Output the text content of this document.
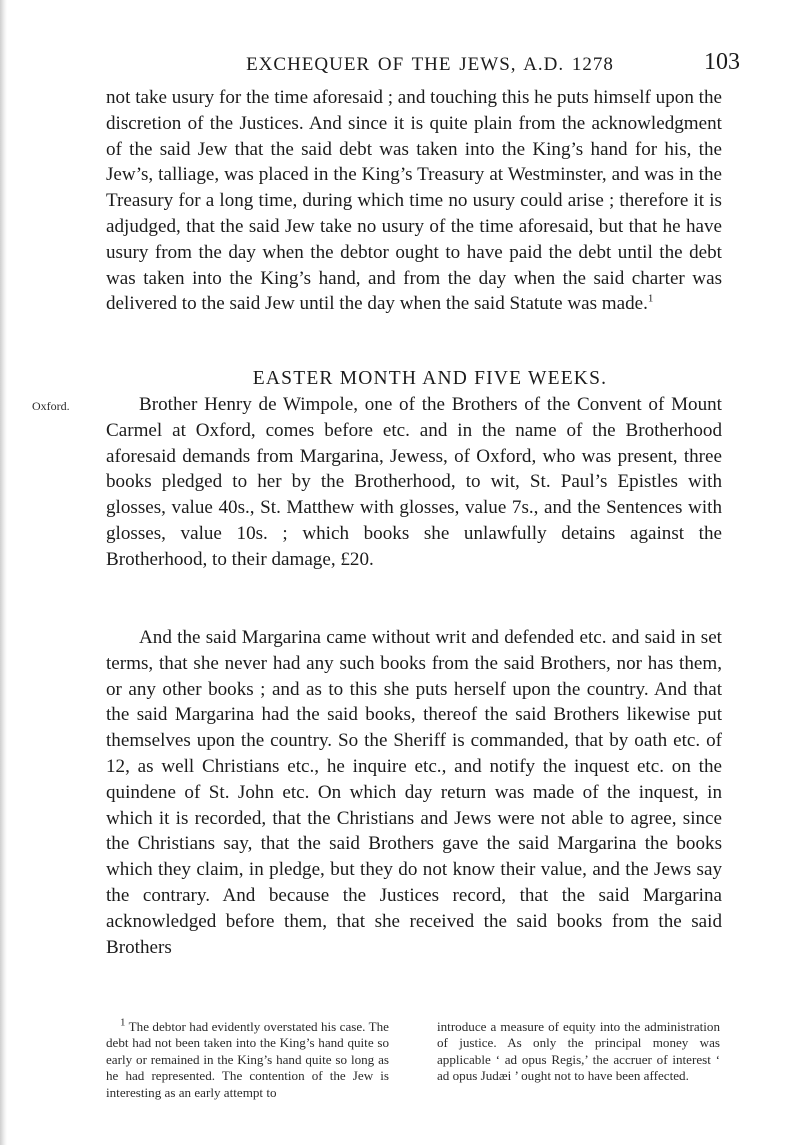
EXCHEQUER OF THE JEWS, A.D. 1278	103

not take usury for the time aforesaid ; and touching this he puts himself upon the discretion of the Justices. And since it is quite plain from the acknowledgment of the said Jew that the said debt was taken into the King’s hand for his, the Jew’s, talliage, was placed in the King’s Treasury at Westminster, and was in the Treasury for a long time, during which time no usury could arise ; therefore it is adjudged, that the said Jew take no usury of the time aforesaid, but that he have usury from the day when the debtor ought to have paid the debt until the debt was taken into the King’s hand, and from the day when the said charter was delivered to the said Jew until the day when the said Statute was made.$^1$

EASTER MONTH AND FIVE WEEKS.
Oxford.	Brother Henry de Wimpole, one of the Brothers of the Convent of Mount Carmel at Oxford, comes before etc. and in the name of the Brotherhood aforesaid demands from Margarina, Jewess, of Oxford, who was present, three books pledged to her by the Brotherhood, to wit, St. Paul’s Epistles with glosses, value 40s., St. Matthew with glosses, value 7s., and the Sentences with glosses, value 10s. ; which books she unlawfully detains against the Brotherhood, to their damage, £20.

And the said Margarina came without writ and defended etc. and said in set terms, that she never had any such books from the said Brothers, nor has them, or any other books ; and as to this she puts herself upon the country. And that the said Margarina had the said books, thereof the said Brothers likewise put themselves upon the country. So the Sheriff is commanded, that by oath etc. of 12, as well Christians etc., he inquire etc., and notify the inquest etc. on the quindene of St. John etc. On which day return was made of the inquest, in which it is recorded, that the Christians and Jews were not able to agree, since the Christians say, that the said Brothers gave the said Margarina the books which they claim, in pledge, but they do not know their value, and the Jews say the contrary. And because the Justices record, that the said Margarina acknowledged before them, that she received the said books from the said Brothers

$^1$ The debtor had evidently overstated his case. The debt had not been taken into the King’s hand quite so early or remained in the King’s hand quite so long as he had represented. The contention of the Jew is interesting as an early attempt to

introduce a measure of equity into the administration of justice. As only the principal money was applicable ‘ ad opus Regis,’ the accruer of interest ‘ ad opus Judæi ’ ought not to have been affected.
